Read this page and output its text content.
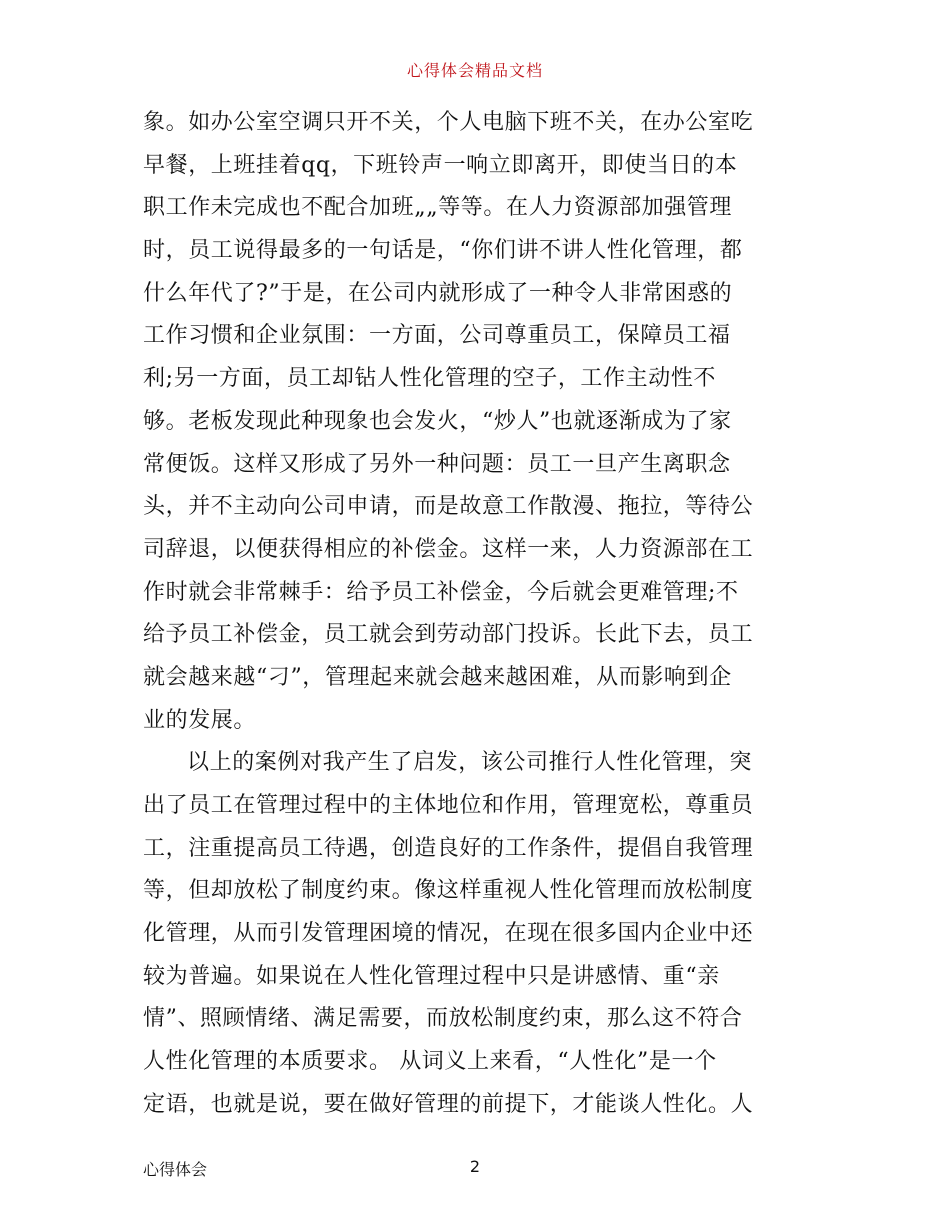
心得体会精品文档
象。如办公室空调只开不关，个人电脑下班不关，在办公室吃
早餐，上班挂着qq，下班铃声一响立即离开，即使当日的本
职工作未完成也不配合加班„„等等。在人力资源部加强管理
时，员工说得最多的一句话是，“你们讲不讲人性化管理，都
什么年代了?”于是，在公司内就形成了一种令人非常困惑的
工作习惯和企业氛围：一方面，公司尊重员工，保障员工福
利;另一方面，员工却钻人性化管理的空子，工作主动性不
够。老板发现此种现象也会发火，“炒人”也就逐渐成为了家
常便饭。这样又形成了另外一种问题：员工一旦产生离职念
头，并不主动向公司申请，而是故意工作散漫、拖拉，等待公
司辞退，以便获得相应的补偿金。这样一来，人力资源部在工
作时就会非常棘手：给予员工补偿金，今后就会更难管理;不
给予员工补偿金，员工就会到劳动部门投诉。长此下去，员工
就会越来越“刁”，管理起来就会越来越困难，从而影响到企
业的发展。
以上的案例对我产生了启发，该公司推行人性化管理，突
出了员工在管理过程中的主体地位和作用，管理宽松，尊重员
工，注重提高员工待遇，创造良好的工作条件，提倡自我管理
等，但却放松了制度约束。像这样重视人性化管理而放松制度
化管理，从而引发管理困境的情况，在现在很多国内企业中还
较为普遍。如果说在人性化管理过程中只是讲感情、重“亲
情”、照顾情绪、满足需要，而放松制度约束，那么这不符合
人性化管理的本质要求。 从词义上来看，“人性化”是一个
定语，也就是说，要在做好管理的前提下，才能谈人性化。人
心得体会	2
